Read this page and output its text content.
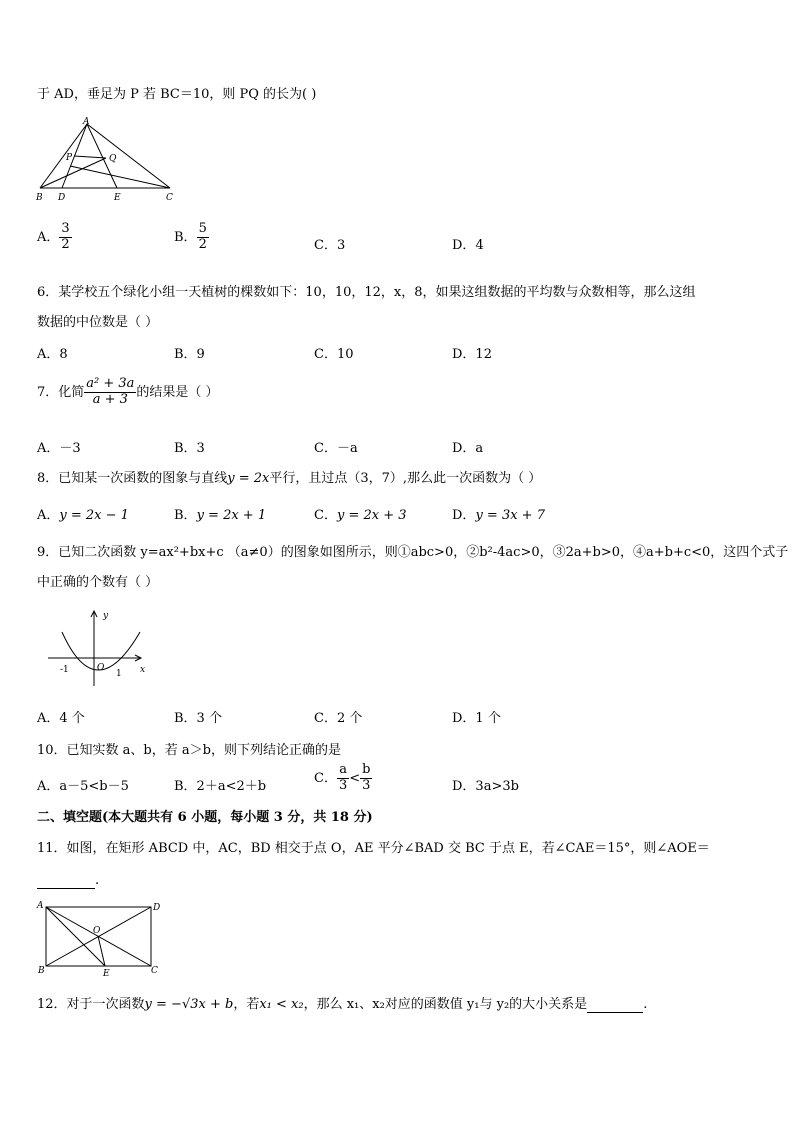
于 AD，垂足为 P 若 BC＝10，则 PQ 的长为( )
A
B D	E	C
P	Q
A． $\frac{3}{2}$	B． $\frac{5}{2}$	C．3	D．4
6．某学校五个绿化小组一天植树的棵数如下：10，10，12，x，8，如果这组数据的平均数与众数相等，那么这组
数据的中位数是（ ）
A．8	B．9	C．10	D．12
7．化简 $\frac{\text{a² + 3a}}{a + 3}$ 的结果是（ ）
A．－3	B．3	C．－a	D．a
8．已知某一次函数的图象与直线y = 2x平行，且过点（3，7）,那么此一次函数为（ ）
A．y = 2x − 1	B．y = 2x + 1	C．y = 2x + 3	D．y = 3x + 7
9．已知二次函数 y=ax²+bx+c （a≠0）的图象如图所示，则①abc>0，②b²-4ac>0，③2a+b>0，④a+b+c<0，这四个式子
中正确的个数有（ ）
y
x
O
-1	1
A．4 个	B．3 个	C．2 个	D．1 个
10．已知实数 a、b，若 a＞b，则下列结论正确的是
A．a－5<b－5	B．2＋a<2＋b
C． $\frac{a}{3} < \frac{b}{3}$	D．3a>3b
二、填空题(本大题共有 6 小题，每小题 3 分，共 18 分)
11．如图，在矩形 ABCD 中，AC，BD 相交于点 O，AE 平分∠BAD 交 BC 于点 E，若∠CAE＝15°，则∠AOE＝
.
A	D
B	C
E
O
12．对于一次函数y = −√3x + b，若x₁ < x₂，那么 x₁、x₂对应的函数值 y₁与 y₂的大小关系是	.
